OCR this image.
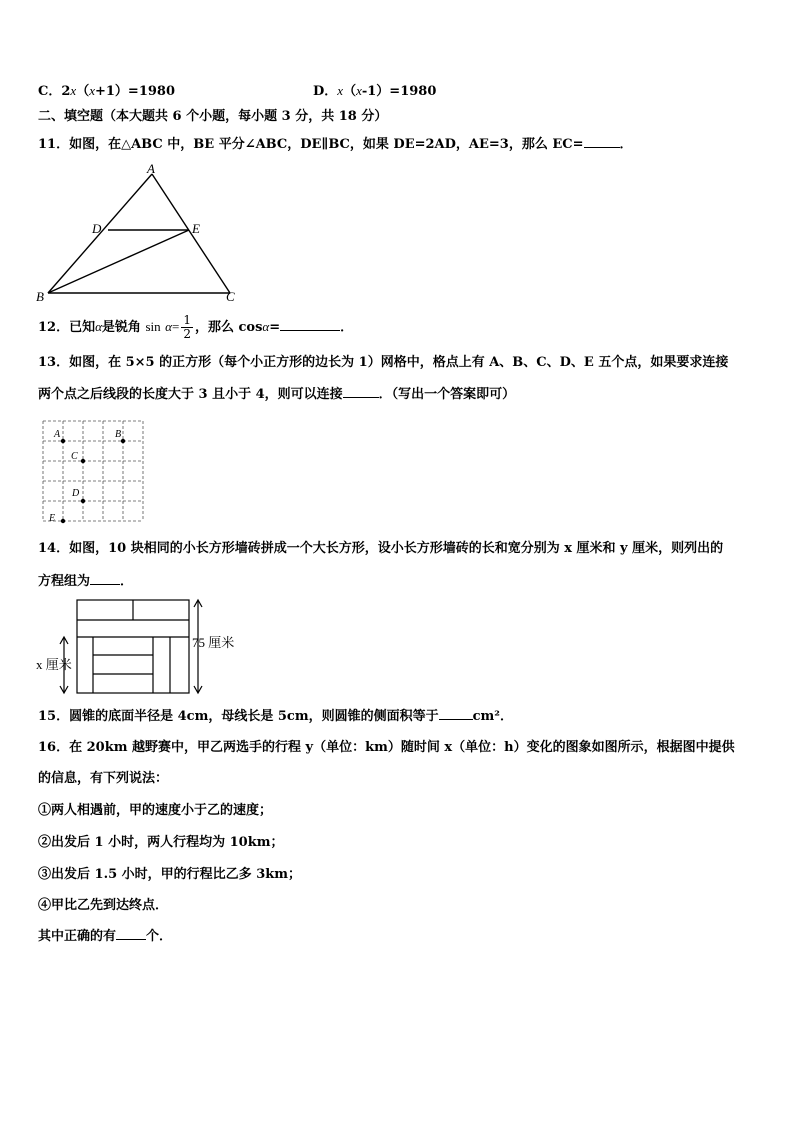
C．2x（x+1）=1980	D．x（x-1）=1980
二、填空题（本大题共 6 个小题，每小题 3 分，共 18 分）
11．如图，在△ABC 中，BE 平分∠ABC，DE∥BC，如果 DE=2AD，AE=3，那么 EC=	．
A
D	E
B	C
12．已知α是锐角 $\sin \alpha= \frac{1}{2}$ ，那么 cosα=	．
13．如图，在 5×5 的正方形（每个小正方形的边长为 1）网格中，格点上有 A、B、C、D、E 五个点，如果要求连接
两个点之后线段的长度大于 3 且小于 4，则可以连接	．（写出一个答案即可）
A	B
C
D
E
14．如图，10 块相同的小长方形墙砖拼成一个大长方形，设小长方形墙砖的长和宽分别为 x 厘米和 y 厘米，则列出的
方程组为 ．
75 厘米
x 厘米
15．圆锥的底面半径是 4cm，母线长是 5cm，则圆锥的侧面积等于	cm²．
16．在 20km 越野赛中，甲乙两选手的行程 y（单位：km）随时间 x（单位：h）变化的图象如图所示，根据图中提供
的信息，有下列说法：
①两人相遇前，甲的速度小于乙的速度；
②出发后 1 小时，两人行程均为 10km；
③出发后 1.5 小时，甲的行程比乙多 3km；
④甲比乙先到达终点．
其中正确的有 个．
